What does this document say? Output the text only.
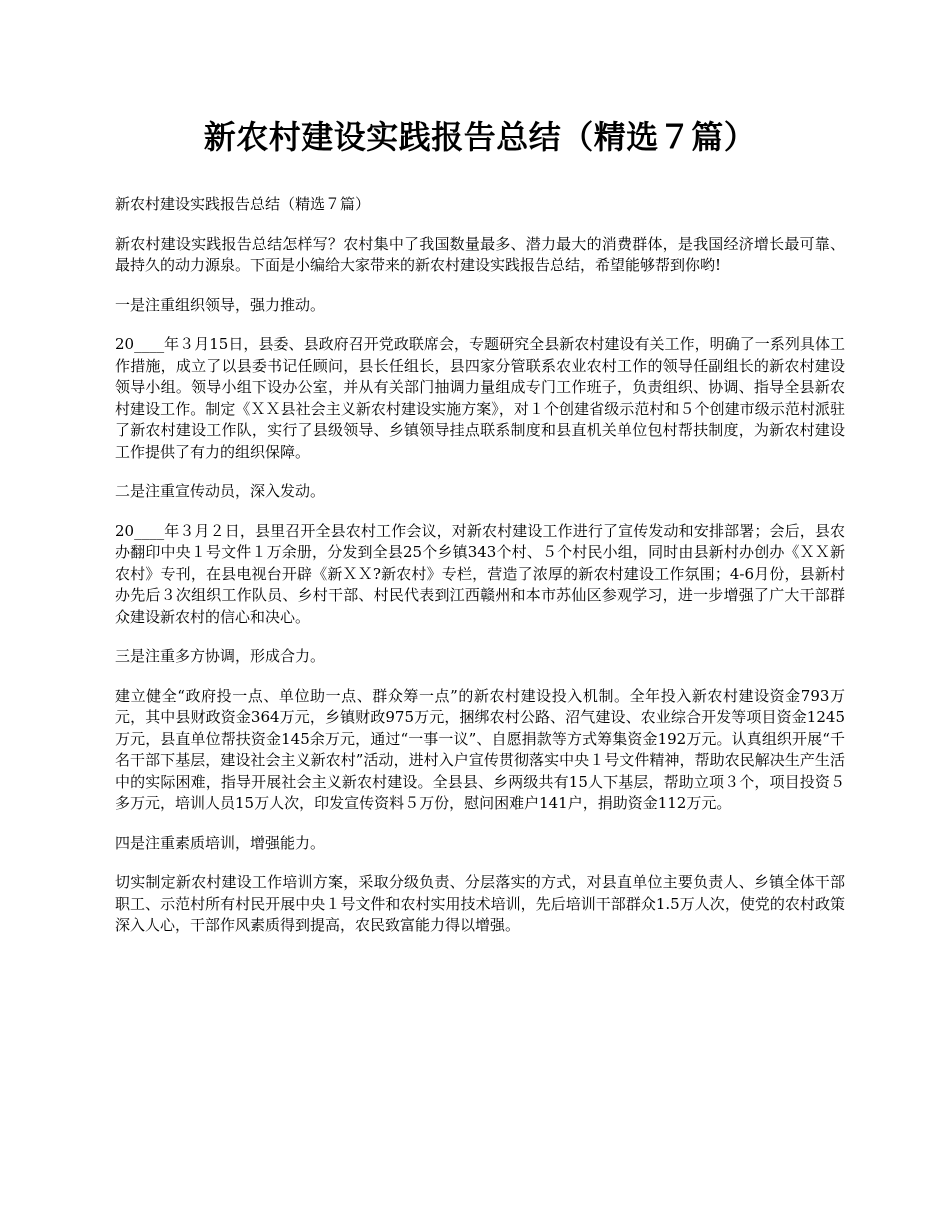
新农村建设实践报告总结（精选７篇）

新农村建设实践报告总结（精选７篇）

新农村建设实践报告总结怎样写？农村集中了我国数量最多、潜力最大的消费群体，是我国经济增长最可靠、最持久的动力源泉。下面是小编给大家带来的新农村建设实践报告总结，希望能够帮到你哟!

一是注重组织领导，强力推动。

20____年３月15日，县委、县政府召开党政联席会，专题研究全县新农村建设有关工作，明确了一系列具体工作措施，成立了以县委书记任顾问，县长任组长，县四家分管联系农业农村工作的领导任副组长的新农村建设领导小组。领导小组下设办公室，并从有关部门抽调力量组成专门工作班子，负责组织、协调、指导全县新农村建设工作。制定《ＸＸ县社会主义新农村建设实施方案》，对１个创建省级示范村和５个创建市级示范村派驻了新农村建设工作队，实行了县级领导、乡镇领导挂点联系制度和县直机关单位包村帮扶制度，为新农村建设工作提供了有力的组织保障。

二是注重宣传动员，深入发动。

20____年３月２日，县里召开全县农村工作会议，对新农村建设工作进行了宣传发动和安排部署；会后，县农办翻印中央１号文件１万余册，分发到全县25个乡镇343个村、５个村民小组，同时由县新村办创办《ＸＸ新农村》专刊，在县电视台开辟《新ＸＸ?新农村》专栏，营造了浓厚的新农村建设工作氛围；4-6月份，县新村办先后３次组织工作队员、乡村干部、村民代表到江西赣州和本市苏仙区参观学习，进一步增强了广大干部群众建设新农村的信心和决心。

三是注重多方协调，形成合力。

建立健全“政府投一点、单位助一点、群众筹一点”的新农村建设投入机制。全年投入新农村建设资金793万元，其中县财政资金364万元，乡镇财政975万元，捆绑农村公路、沼气建设、农业综合开发等项目资金1245万元，县直单位帮扶资金145余万元，通过“一事一议”、自愿捐款等方式筹集资金192万元。认真组织开展“千名干部下基层，建设社会主义新农村”活动，进村入户宣传贯彻落实中央１号文件精神，帮助农民解决生产生活中的实际困难，指导开展社会主义新农村建设。全县县、乡两级共有15人下基层，帮助立项３个，项目投资５多万元，培训人员15万人次，印发宣传资料５万份，慰问困难户141户，捐助资金112万元。

四是注重素质培训，增强能力。

切实制定新农村建设工作培训方案，采取分级负责、分层落实的方式，对县直单位主要负责人、乡镇全体干部职工、示范村所有村民开展中央１号文件和农村实用技术培训，先后培训干部群众1.5万人次，使党的农村政策深入人心，干部作风素质得到提高，农民致富能力得以增强。
